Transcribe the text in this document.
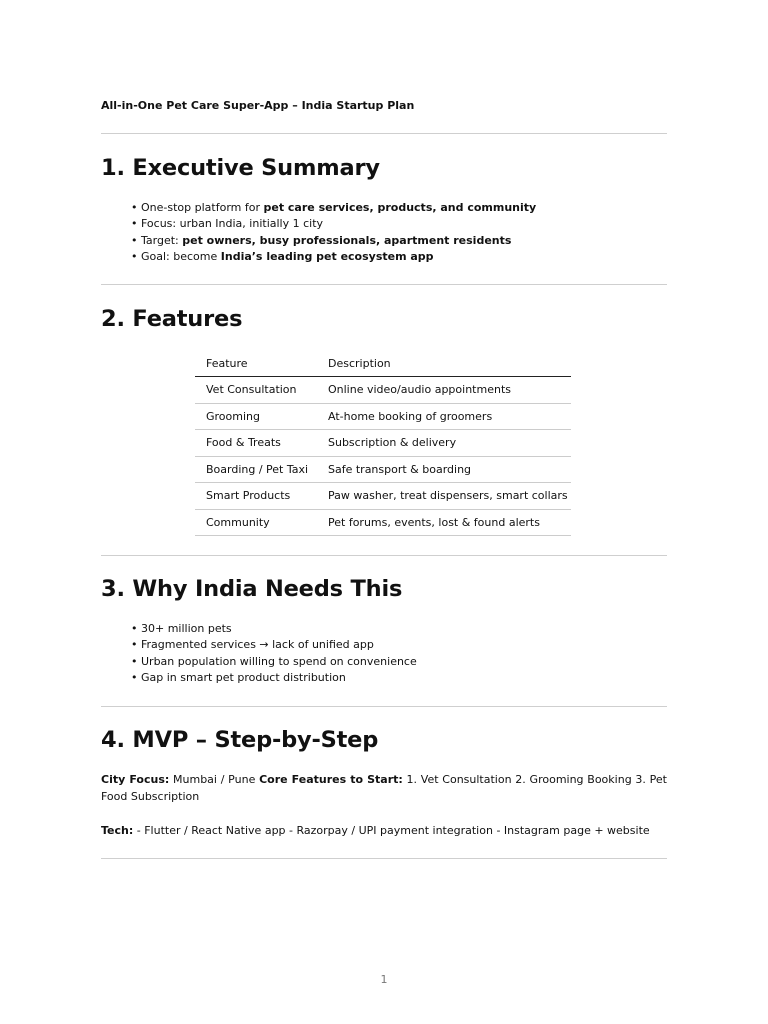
All-in-One Pet Care Super-App – India Startup Plan
1. Executive Summary
• One-stop platform for pet care services, products, and community
• Focus: urban India, initially 1 city
• Target: pet owners, busy professionals, apartment residents
• Goal: become India’s leading pet ecosystem app
2. Features
Feature	Description
Vet Consultation	Online video/audio appointments
Grooming	At-home booking of groomers
Food & Treats	Subscription & delivery
Boarding / Pet Taxi	Safe transport & boarding
Smart Products	Paw washer, treat dispensers, smart collars
Community	Pet forums, events, lost & found alerts
3. Why India Needs This
• 30+ million pets
• Fragmented services → lack of unified app
• Urban population willing to spend on convenience
• Gap in smart pet product distribution
4. MVP – Step-by-Step

City Focus: Mumbai / Pune Core Features to Start: 1. Vet Consultation 2. Grooming Booking 3. Pet Food Subscription

Tech: - Flutter / React Native app - Razorpay / UPI payment integration - Instagram page + website

1
